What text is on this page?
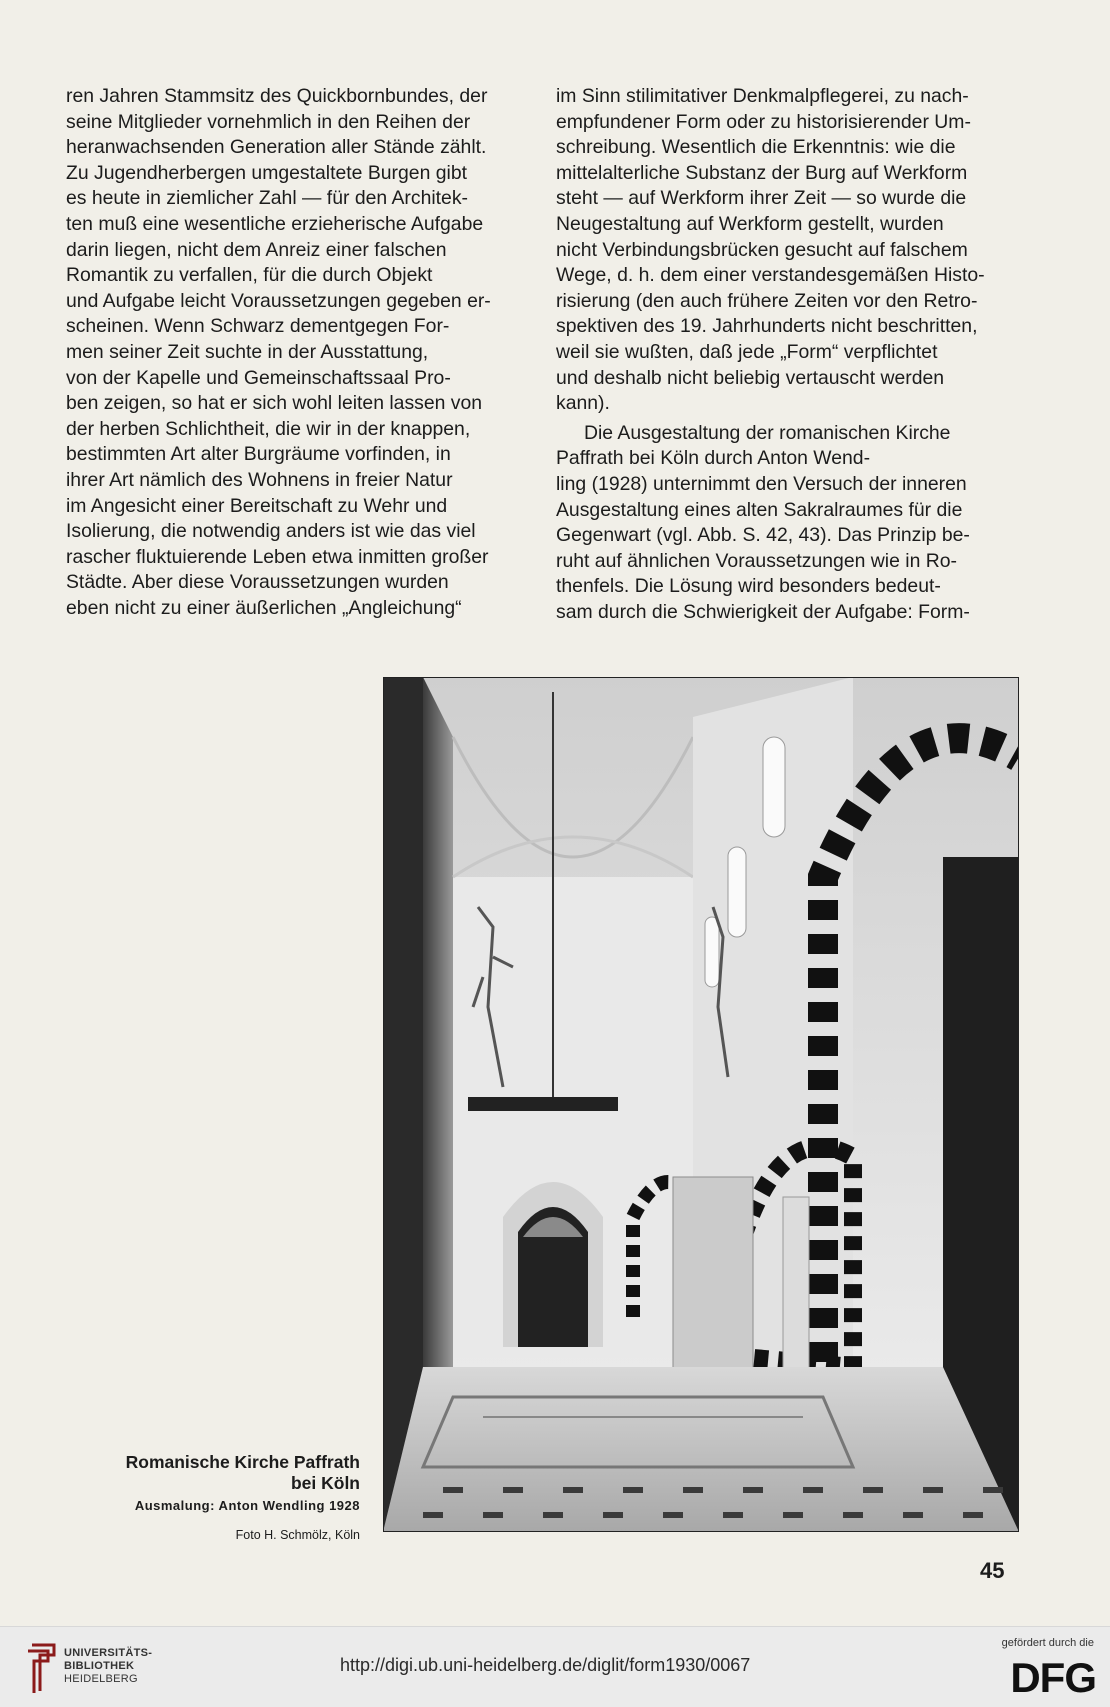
ren Jahren Stammsitz des Quickbornbundes, der
seine Mitglieder vornehmlich in den Reihen der
heranwachsenden Generation aller Stände zählt.
Zu Jugendherbergen umgestaltete Burgen gibt
es heute in ziemlicher Zahl — für den Architek-
ten muß eine wesentliche erzieherische Aufgabe
darin liegen, nicht dem Anreiz einer falschen
Romantik zu verfallen, für die durch Objekt
und Aufgabe leicht Voraussetzungen gegeben er-
scheinen. Wenn Schwarz dementgegen For-
men seiner Zeit suchte in der Ausstattung,
von der Kapelle und Gemeinschaftssaal Pro-
ben zeigen, so hat er sich wohl leiten lassen von
der herben Schlichtheit, die wir in der knappen,
bestimmten Art alter Burgräume vorfinden, in
ihrer Art nämlich des Wohnens in freier Natur
im Angesicht einer Bereitschaft zu Wehr und
Isolierung, die notwendig anders ist wie das viel
rascher fluktuierende Leben etwa inmitten großer
Städte. Aber diese Voraussetzungen wurden
eben nicht zu einer äußerlichen „Angleichung“

im Sinn stilimitativer Denkmalpflegerei, zu nach-
empfundener Form oder zu historisierender Um-
schreibung. Wesentlich die Erkenntnis: wie die
mittelalterliche Substanz der Burg auf Werkform
steht — auf Werkform ihrer Zeit — so wurde die
Neugestaltung auf Werkform gestellt, wurden
nicht Verbindungsbrücken gesucht auf falschem
Wege, d. h. dem einer verstandesgemäßen Histo-
risierung (den auch frühere Zeiten vor den Retro-
spektiven des 19. Jahrhunderts nicht beschritten,
weil sie wußten, daß jede „Form“ verpflichtet
und deshalb nicht beliebig vertauscht werden
kann).

Die Ausgestaltung der romanischen Kirche
Paffrath bei Köln durch Anton Wend-
ling (1928) unternimmt den Versuch der inneren
Ausgestaltung eines alten Sakralraumes für die
Gegenwart (vgl. Abb. S. 42, 43). Das Prinzip be-
ruht auf ähnlichen Voraussetzungen wie in Ro-
thenfels. Die Lösung wird besonders bedeut-
sam durch die Schwierigkeit der Aufgabe: Form-

Romanische Kirche Paffrath
bei Köln

Ausmalung: Anton Wendling 1928

Foto H. Schmölz, Köln

45
UNIVERSITÄTS-
BIBLIOTHEK
HEIDELBERG
http://digi.ub.uni-heidelberg.de/diglit/form1930/0067
gefördert durch die
DFG
